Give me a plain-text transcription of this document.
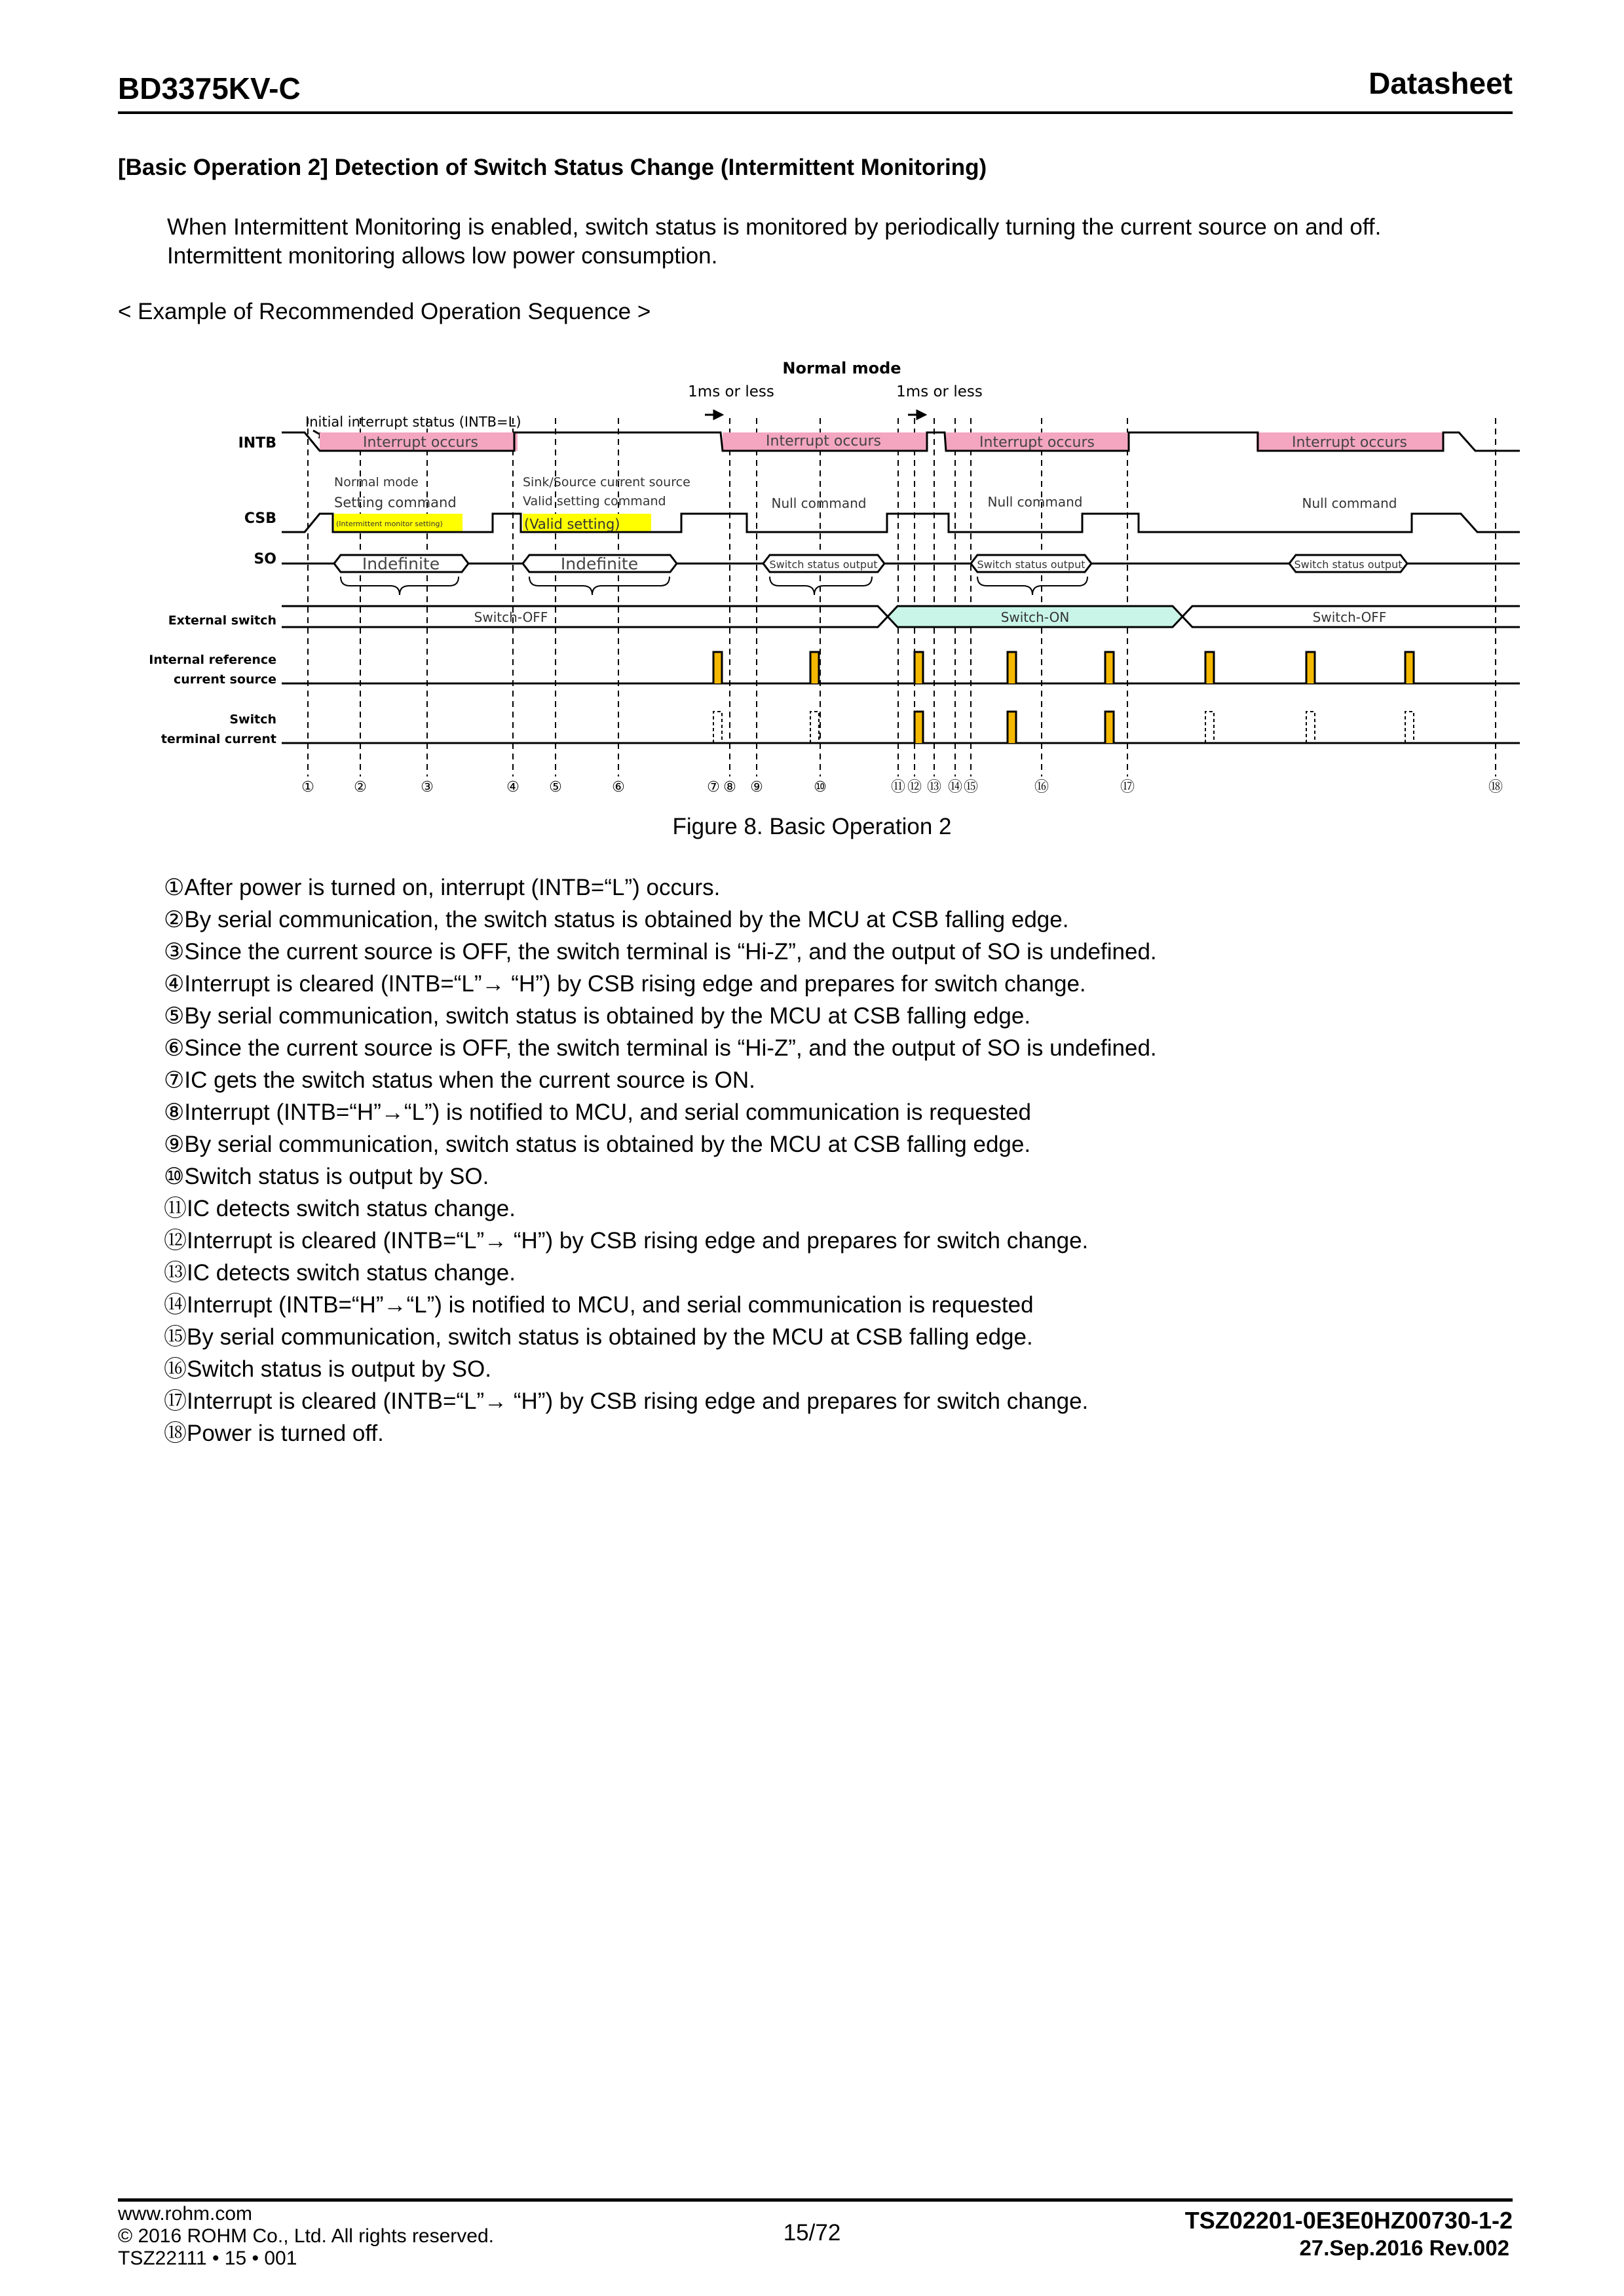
BD3375KV-C	Datasheet
[Basic Operation 2] Detection of Switch Status Change (Intermittent Monitoring)
When Intermittent Monitoring is enabled, switch status is monitored by periodically turning the current source on and off.
Intermittent monitoring allows low power consumption.
< Example of Recommended Operation Sequence >
Normal mode
1ms or less	1ms or less
Initial interrupt status (INTB=L)
INTB
CSB
SO
External switch
Internal reference
current source
Switch
terminal current
Interrupt occurs	Interrupt occurs	Interrupt occurs	Interrupt occurs
Normal mode
Setting command
(Intermittent monitor setting)
Sink/Source current source
Valid setting command
(Valid setting)
Null command	Null command	Null command
Indefinite	Indefinite	Switch status output	Switch status output	Switch status output
Switch-OFF	Switch-ON	Switch-OFF
①	②	③	④ ⑤	⑥	⑦ ⑧ ⑨	⑩	⑪ ⑫ ⑬ ⑭ ⑮	⑯	⑰	⑱
Figure 8. Basic Operation 2
①After power is turned on, interrupt (INTB=“L”) occurs.
②By serial communication, the switch status is obtained by the MCU at CSB falling edge.
③Since the current source is OFF, the switch terminal is “Hi-Z”, and the output of SO is undefined.
④Interrupt is cleared (INTB=“L”→ “H”) by CSB rising edge and prepares for switch change.
⑤By serial communication, switch status is obtained by the MCU at CSB falling edge.
⑥Since the current source is OFF, the switch terminal is “Hi-Z”, and the output of SO is undefined.
⑦IC gets the switch status when the current source is ON.
⑧Interrupt (INTB=“H”→“L”) is notified to MCU, and serial communication is requested
⑨By serial communication, switch status is obtained by the MCU at CSB falling edge.
⑩Switch status is output by SO.
⑪IC detects switch status change.
⑫Interrupt is cleared (INTB=“L”→ “H”) by CSB rising edge and prepares for switch change.
⑬IC detects switch status change.
⑭Interrupt (INTB=“H”→“L”) is notified to MCU, and serial communication is requested
⑮By serial communication, switch status is obtained by the MCU at CSB falling edge.
⑯Switch status is output by SO.
⑰Interrupt is cleared (INTB=“L”→ “H”) by CSB rising edge and prepares for switch change.
⑱Power is turned off.
www.rohm.com
© 2016 ROHM Co., Ltd. All rights reserved.
TSZ22111 • 15 • 001
15/72	TSZ02201-0E3E0HZ00730-1-2
27.Sep.2016 Rev.002
